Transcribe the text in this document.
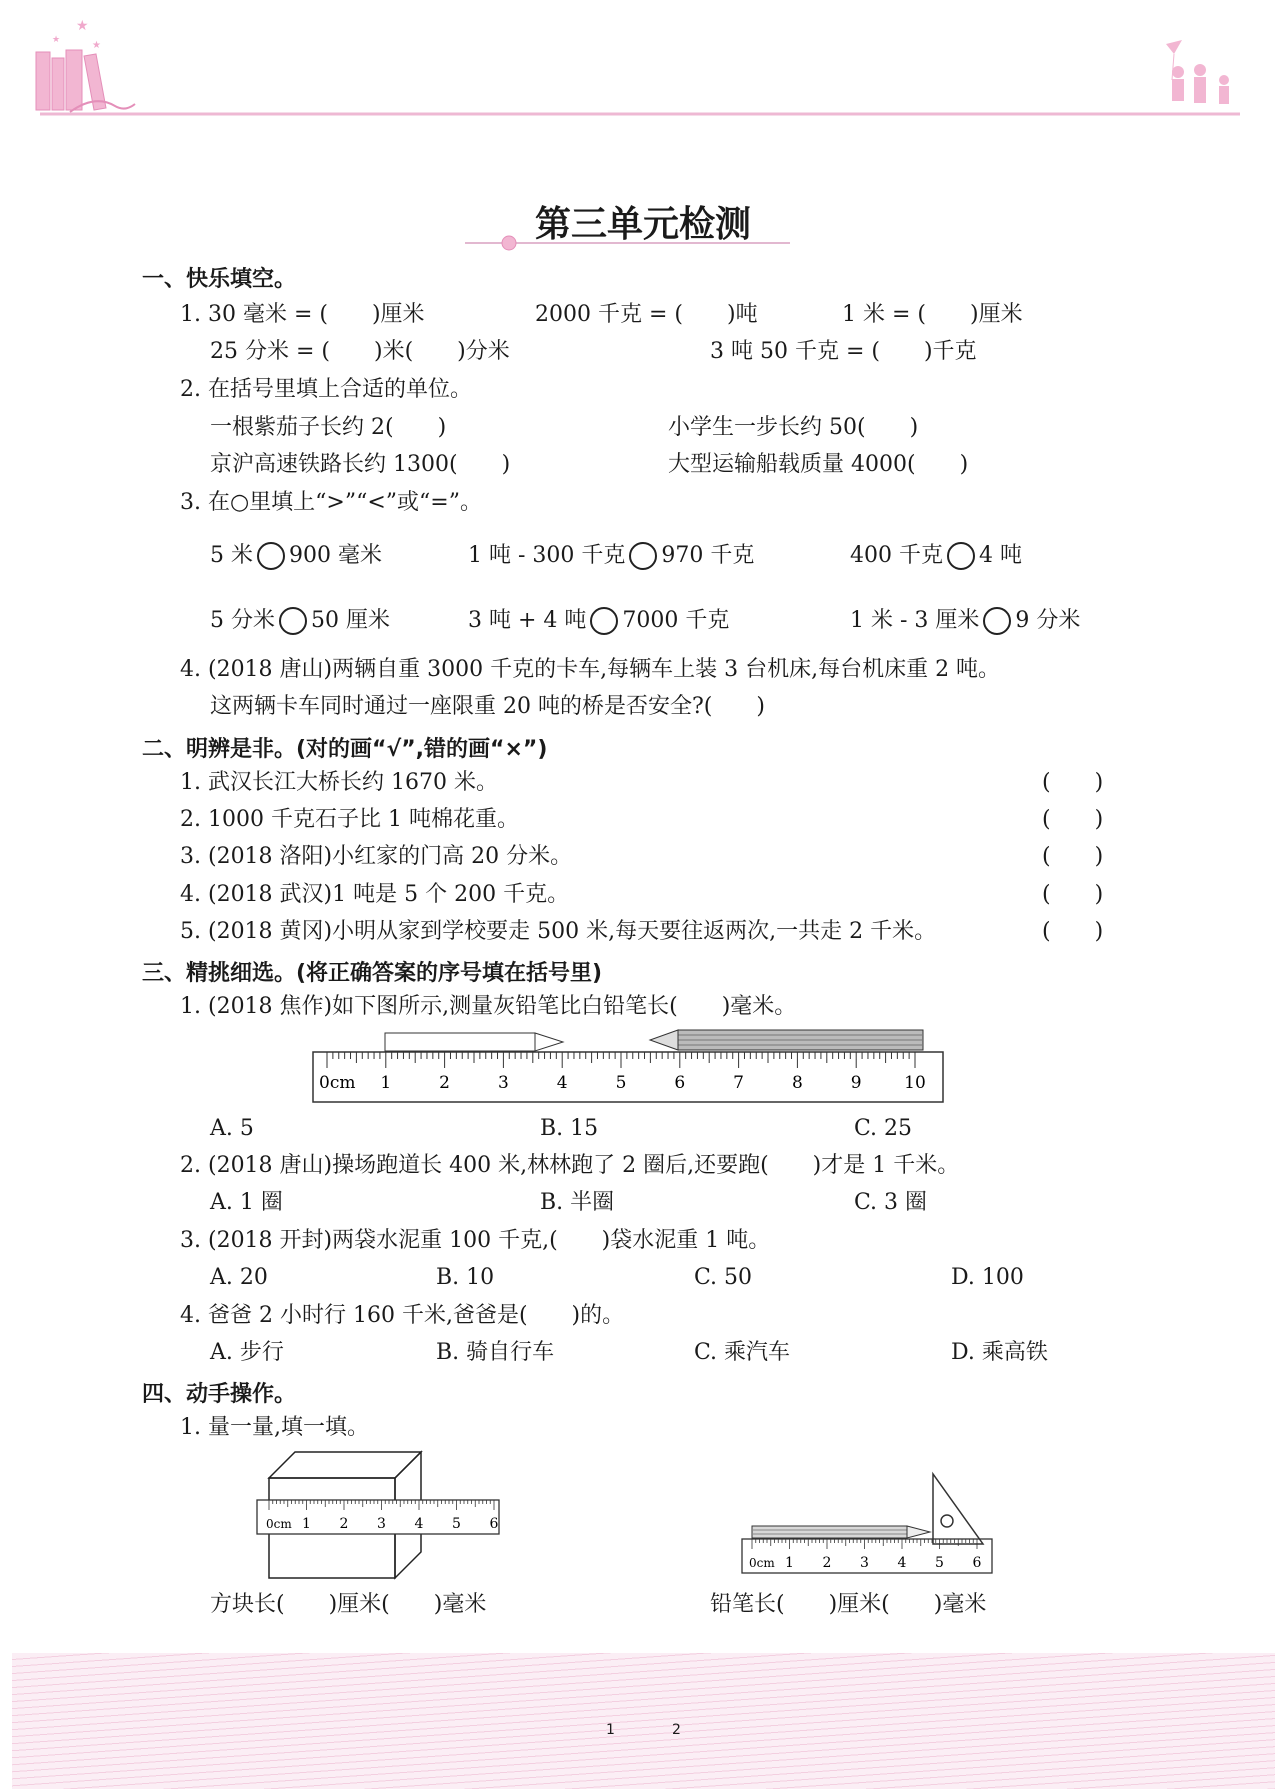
★
★
★
第三单元检测
一、快乐填空。
1. 30 毫米 = (　　)厘米	2000 千克 = (　　)吨	1 米 = (　　)厘米
25 分米 = (　　)米(　　)分米	3 吨 50 千克 = (　　)千克
2. 在括号里填上合适的单位。
一根紫茄子长约 2(　　)	小学生一步长约 50(　　)
京沪高速铁路长约 1300(　　)	大型运输船载质量 4000(　　)
3. 在○里填上“>”“<”或“=”。
5 米 900 毫米	1 吨 - 300 千克 970 千克	400 千克 4 吨
5 分米 50 厘米	3 吨 + 4 吨 7000 千克	1 米 - 3 厘米 9 分米
4. (2018 唐山)两辆自重 3000 千克的卡车,每辆车上装 3 台机床,每台机床重 2 吨。
这两辆卡车同时通过一座限重 20 吨的桥是否安全?(　　)
二、明辨是非。(对的画“√”,错的画“×”)
1. 武汉长江大桥长约 1670 米。	(　　)
2. 1000 千克石子比 1 吨棉花重。	(　　)
3. (2018 洛阳)小红家的门高 20 分米。	(　　)
4. (2018 武汉)1 吨是 5 个 200 千克。	(　　)
5. (2018 黄冈)小明从家到学校要走 500 米,每天要往返两次,一共走 2 千米。	(　　)
三、精挑细选。(将正确答案的序号填在括号里)
1. (2018 焦作)如下图所示,测量灰铅笔比白铅笔长(　　)毫米。
0cm 1	2	3	4	5	6	7	8	9	10
A. 5	B. 15	C. 25
2. (2018 唐山)操场跑道长 400 米,林林跑了 2 圈后,还要跑(　　)才是 1 千米。
A. 1 圈	B. 半圈	C. 3 圈
3. (2018 开封)两袋水泥重 100 千克,(　　)袋水泥重 1 吨。
A. 20	B. 10	C. 50	D. 100
4. 爸爸 2 小时行 160 千米,爸爸是(　　)的。
A. 步行	B. 骑自行车	C. 乘汽车	D. 乘高铁
四、动手操作。
1. 量一量,填一填。
0cm 1 2 3 4 5 6
0cm 1 2 3 4 5 6
方块长(　　)厘米(　　)毫米	铅笔长(　　)厘米(　　)毫米
1	2
